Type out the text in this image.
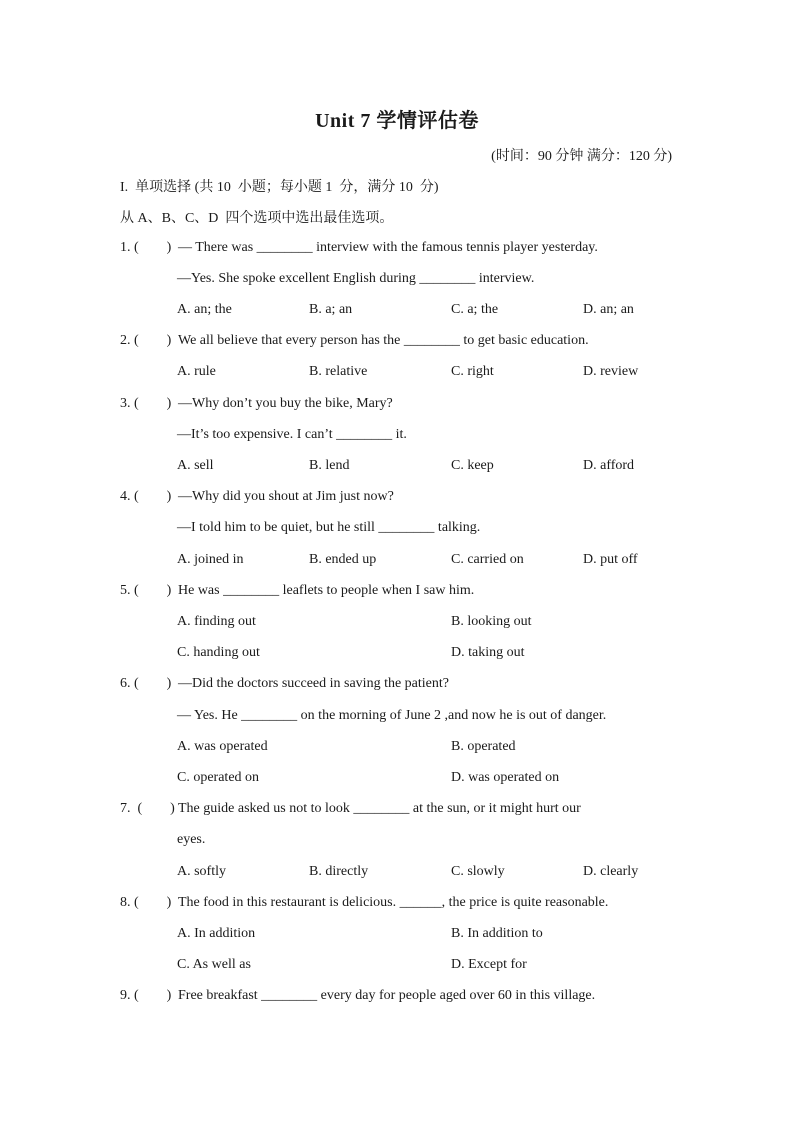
Unit 7 学情评估卷
(时间：90 分钟 满分：120 分)
I.  单项选择 (共 10  小题；每小题 1  分，满分 10  分)
从 A、B、C、D  四个选项中选出最佳选项。
1. (        ) — There was ________ interview with the famous tennis player yesterday.
—Yes. She spoke excellent English during ________ interview.
A. an; the	B. a; an	C. a; the	D. an; an
2. (        ) We all believe that every person has the ________ to get basic education.
A. rule	B. relative	C. right	D. review
3. (        ) —Why don’t you buy the bike, Mary?
—It’s too expensive. I can’t ________ it.
A. sell	B. lend	C. keep	D. afford
4. (        ) —Why did you shout at Jim just now?
—I told him to be quiet, but he still ________ talking.
A. joined in	B. ended up	C. carried on	D. put off
5. (        ) He was ________ leaflets to people when I saw him.
A. finding out	B. looking out
C. handing out	D. taking out
6. (        ) —Did the doctors succeed in saving the patient?
— Yes. He ________ on the morning of June 2 ,and now he is out of danger.
A. was operated	B. operated
C. operated on	D. was operated on
7.  (        ) The guide asked us not to look ________ at the sun, or it might hurt our
eyes.
A. softly	B. directly	C. slowly	D. clearly
8. (        ) The food in this restaurant is delicious. ______, the price is quite reasonable.
A. In addition	B. In addition to
C. As well as	D. Except for
9. (        ) Free breakfast ________ every day for people aged over 60 in this village.
